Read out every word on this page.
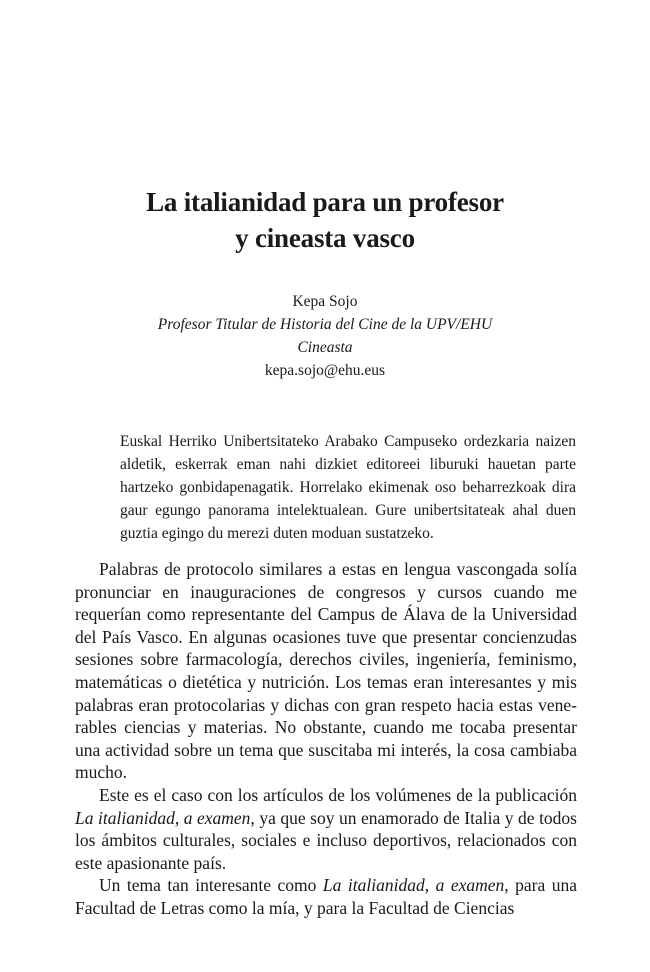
La italianidad para un profesor
y cineasta vasco
Kepa Sojo
Profesor Titular de Historia del Cine de la UPV/EHU
Cineasta
kepa.sojo@ehu.eus

Euskal Herriko Unibertsitateko Arabako Campuseko ordezkaria naizen aldetik, eskerrak eman nahi dizkiet editoreei liburuki hauetan parte hartzeko gonbidapenagatik. Horrelako ekimenak oso beharrezkoak dira gaur egungo panorama intelektualean. Gure unibertsitateak ahal duen guztia egingo du merezi duten moduan sustatzeko.

Palabras de protocolo similares a estas en lengua vascongada solía pronunciar en inauguraciones de congresos y cursos cuando me requerían como representante del Campus de Álava de la Universidad del País Vasco. En algunas ocasiones tuve que presentar concienzudas sesiones sobre farmacología, derechos civiles, ingeniería, feminismo, matemáticas o dietética y nutrición. Los temas eran interesantes y mis palabras eran protocolarias y dichas con gran respeto hacia estas venerables ciencias y materias. No obstante, cuando me tocaba presentar una actividad sobre un tema que suscitaba mi interés, la cosa cambiaba mucho.

Este es el caso con los artículos de los volúmenes de la publicación La italianidad, a examen, ya que soy un enamorado de Italia y de todos los ámbitos culturales, sociales e incluso deportivos, relacionados con este apasionante país.

Un tema tan interesante como La italianidad, a examen, para una Facultad de Letras como la mía, y para la Facultad de Ciencias
